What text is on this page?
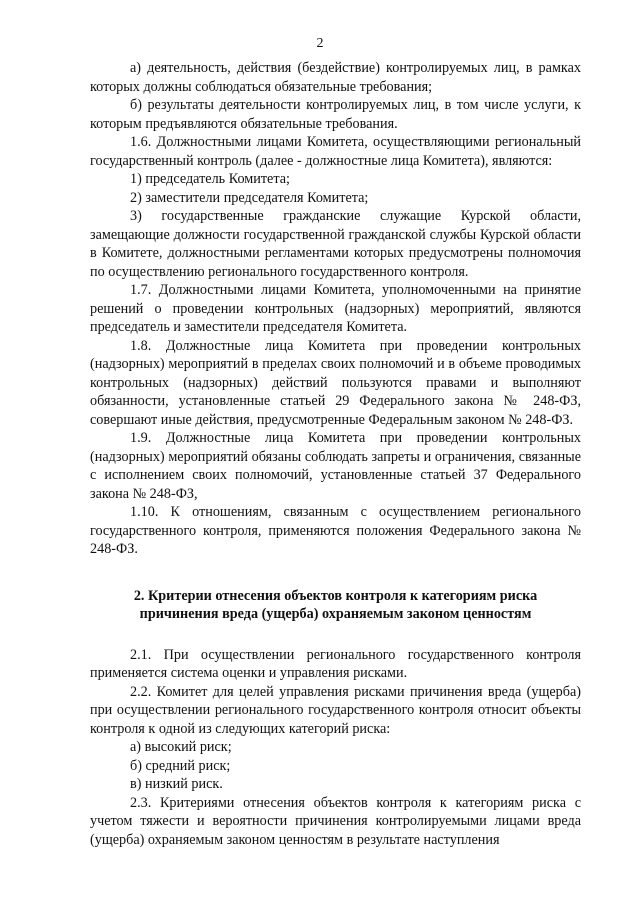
2

а) деятельность, действия (бездействие) контролируемых лиц, в рамках которых должны соблюдаться обязательные требования;

б) результаты деятельности контролируемых лиц, в том числе услуги, к которым предъявляются обязательные требования.

1.6. Должностными лицами Комитета, осуществляющими региональный государственный контроль (далее - должностные лица Комитета), являются:

1) председатель Комитета;

2) заместители председателя Комитета;

3) государственные гражданские служащие Курской области, замещающие должности государственной гражданской службы Курской области в Комитете, должностными регламентами которых предусмотрены полномочия по осуществлению регионального государственного контроля.

1.7. Должностными лицами Комитета, уполномоченными на принятие решений о проведении контрольных (надзорных) мероприятий, являются председатель и заместители председателя Комитета.

1.8. Должностные лица Комитета при проведении контрольных (надзорных) мероприятий в пределах своих полномочий и в объеме проводимых контрольных (надзорных) действий пользуются правами и выполняют обязанности, установленные статьей 29 Федерального закона № 248-ФЗ, совершают иные действия, предусмотренные Федеральным законом № 248-ФЗ.

1.9. Должностные лица Комитета при проведении контрольных (надзорных) мероприятий обязаны соблюдать запреты и ограничения, связанные с исполнением своих полномочий, установленные статьей 37 Федерального закона № 248-ФЗ,

1.10. К отношениям, связанным с осуществлением регионального государственного контроля, применяются положения Федерального закона № 248-ФЗ.

2. Критерии отнесения объектов контроля к категориям риска причинения вреда (ущерба) охраняемым законом ценностям

2.1. При осуществлении регионального государственного контроля применяется система оценки и управления рисками.

2.2. Комитет для целей управления рисками причинения вреда (ущерба) при осуществлении регионального государственного контроля относит объекты контроля к одной из следующих категорий риска:

а) высокий риск;

б) средний риск;

в) низкий риск.

2.3. Критериями отнесения объектов контроля к категориям риска с учетом тяжести и вероятности причинения контролируемыми лицами вреда (ущерба) охраняемым законом ценностям в результате наступления
